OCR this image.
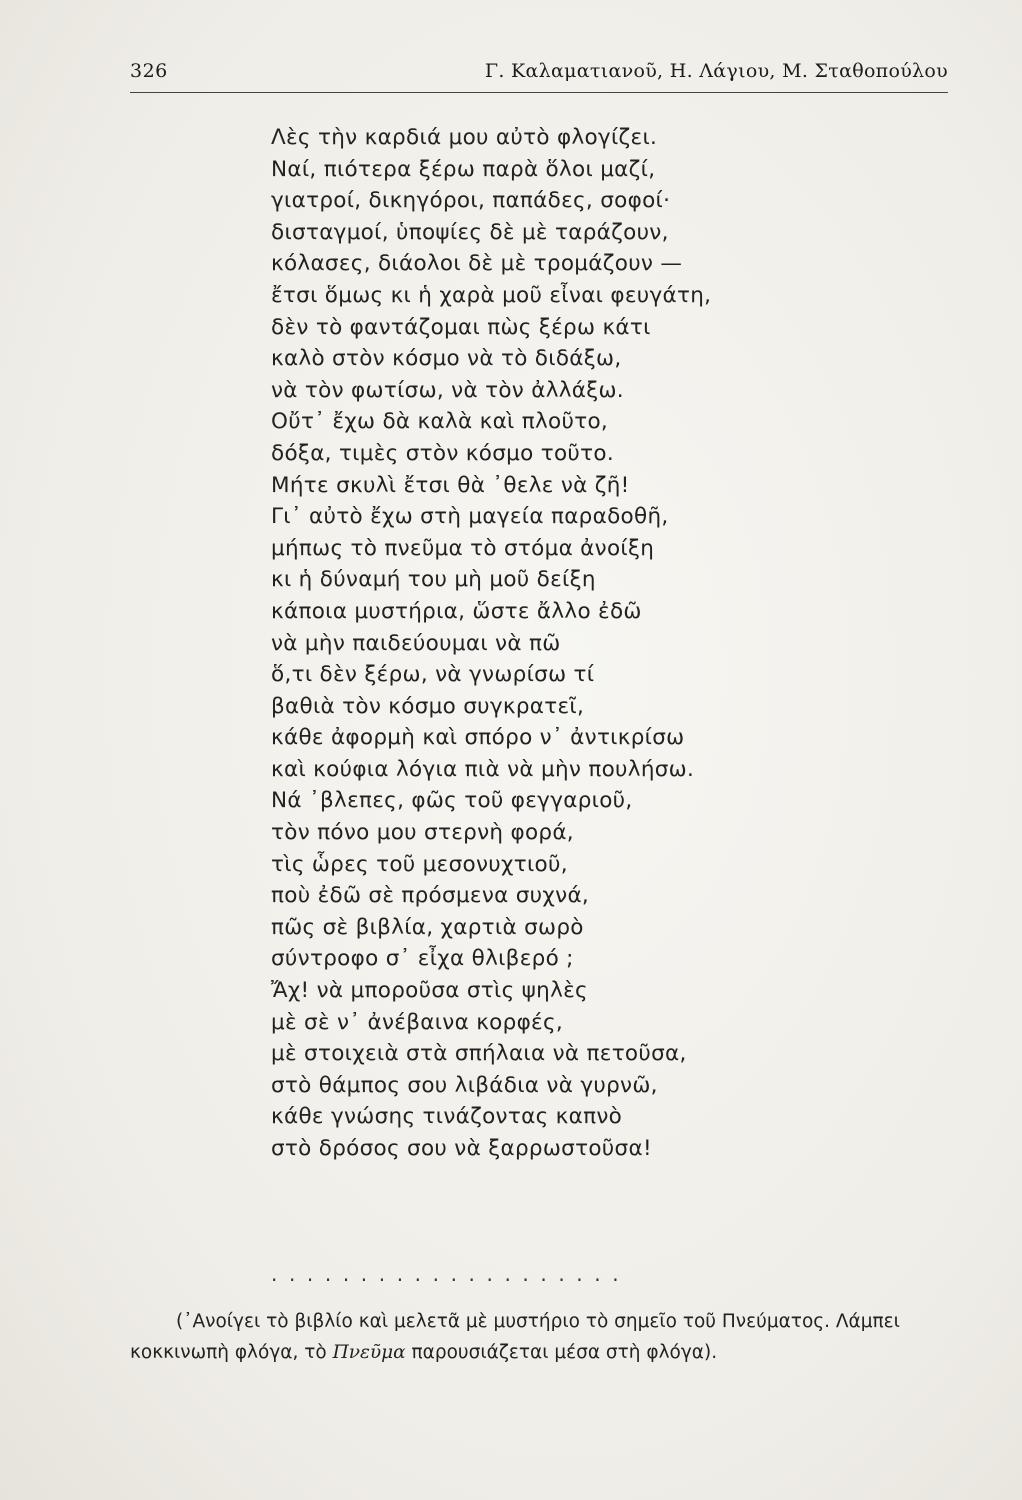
326	Γ. Καλαματιανοῦ, Η. Λάγιου, Μ. Σταθοπούλου
Λὲς τὴν καρδιά μου αὐτὸ φλογίζει.
Ναί, πιότερα ξέρω παρὰ ὅλοι μαζί,
γιατροί, δικηγόροι, παπάδες, σοφοί·
δισταγμοί, ὑποψίες δὲ μὲ ταράζουν,
κόλασες, διάολοι δὲ μὲ τρομάζουν —
ἔτσι ὅμως κι ἡ χαρὰ μοῦ εἶναι φευγάτη,
δὲν τὸ φαντάζομαι πὼς ξέρω κάτι
καλὸ στὸν κόσμο νὰ τὸ διδάξω,
νὰ τὸν φωτίσω, νὰ τὸν ἀλλάξω.
Οὔτ᾽ ἔχω δὰ καλὰ καὶ πλοῦτο,
δόξα, τιμὲς στὸν κόσμο τοῦτο.
Μήτε σκυλὶ ἔτσι θὰ ᾽θελε νὰ ζῆ!
Γι᾽ αὐτὸ ἔχω στὴ μαγεία παραδοθῆ,
μήπως τὸ πνεῦμα τὸ στόμα ἀνοίξη
κι ἡ δύναμή του μὴ μοῦ δείξη
κάποια μυστήρια, ὥστε ἄλλο ἐδῶ
νὰ μὴν παιδεύουμαι νὰ πῶ
ὅ,τι δὲν ξέρω, νὰ γνωρίσω τί
βαθιὰ τὸν κόσμο συγκρατεῖ,
κάθε ἀφορμὴ καὶ σπόρο ν᾽ ἀντικρίσω
καὶ κούφια λόγια πιὰ νὰ μὴν πουλήσω.
Νά ᾽βλεπες, φῶς τοῦ φεγγαριοῦ,
τὸν πόνο μου στερνὴ φορά,
τὶς ὧρες τοῦ μεσονυχτιοῦ,
ποὺ ἐδῶ σὲ πρόσμενα συχνά,
πῶς σὲ βιβλία, χαρτιὰ σωρὸ
σύντροφο σ᾽ εἶχα θλιβερό ;
Ἄχ! νὰ μποροῦσα στὶς ψηλὲς
μὲ σὲ ν᾽ ἀνέβαινα κορφές,
μὲ στοιχειὰ στὰ σπήλαια νὰ πετοῦσα,
στὸ θάμπος σου λιβάδια νὰ γυρνῶ,
κάθε γνώσης τινάζοντας καπνὸ
στὸ δρόσος σου νὰ ξαρρωστοῦσα!
....................
(᾽Ανοίγει τὸ βιβλίο καὶ μελετᾶ μὲ μυστήριο τὸ σημεῖο τοῦ Πνεύματος. Λάμπει
κοκκινωπὴ φλόγα, τὸ Πνεῦμα παρουσιάζεται μέσα στὴ φλόγα).
